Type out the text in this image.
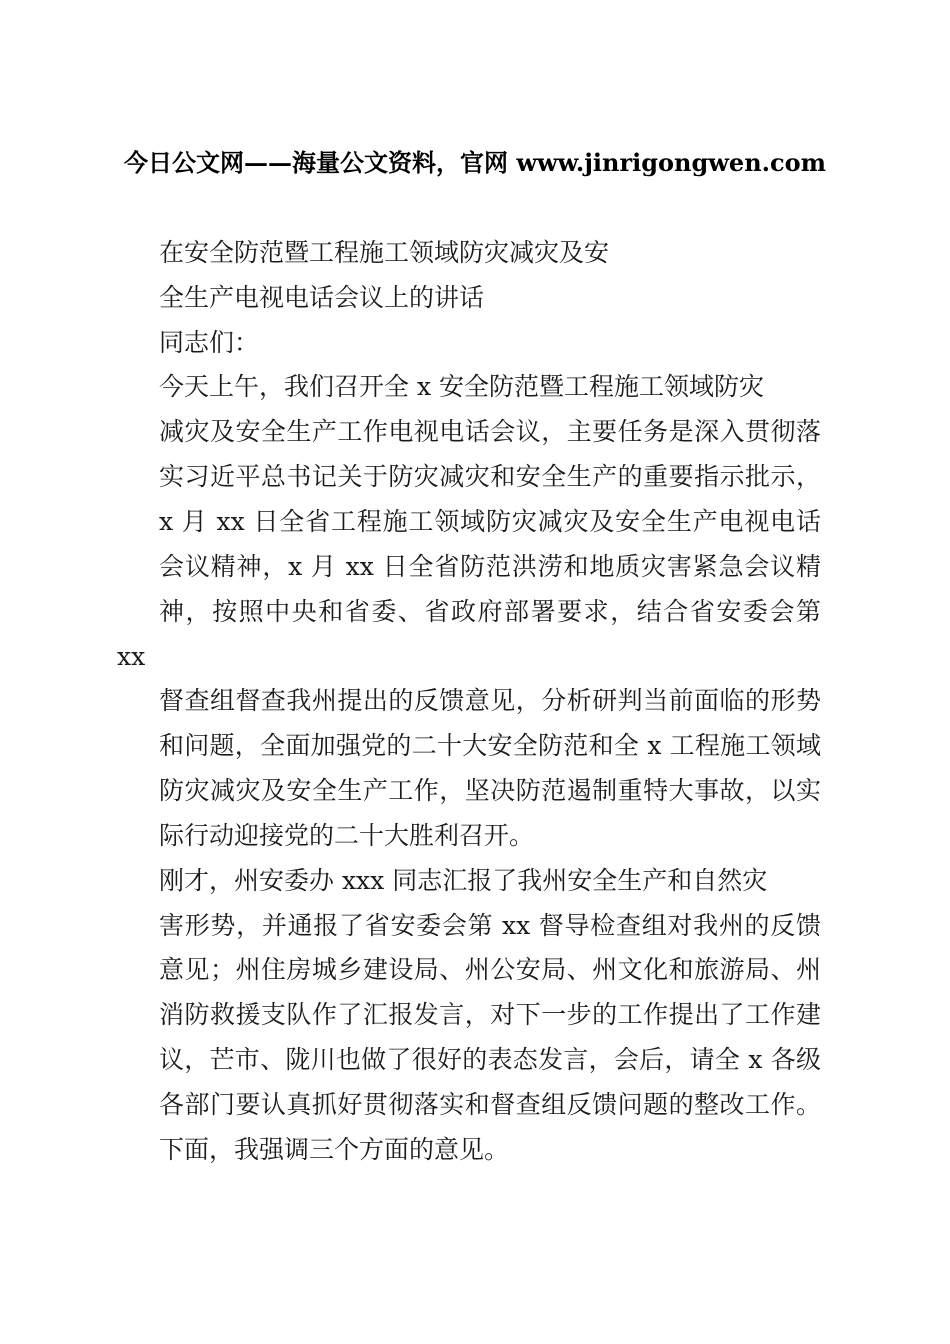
今日公文网——海量公文资料，官网 www.jinrigongwen.com
在安全防范暨工程施工领域防灾减灾及安
全生产电视电话会议上的讲话
同志们：
今天上午，我们召开全 x 安全防范暨工程施工领域防灾
减灾及安全生产工作电视电话会议，主要任务是深入贯彻落
实习近平总书记关于防灾减灾和安全生产的重要指示批示，
x 月 xx 日全省工程施工领域防灾减灾及安全生产电视电话
会议精神，x 月 xx 日全省防范洪涝和地质灾害紧急会议精
神，按照中央和省委、省政府部署要求，结合省安委会第
xx
督查组督查我州提出的反馈意见，分析研判当前面临的形势
和问题，全面加强党的二十大安全防范和全 x 工程施工领域
防灾减灾及安全生产工作，坚决防范遏制重特大事故，以实
际行动迎接党的二十大胜利召开。
刚才，州安委办 xxx 同志汇报了我州安全生产和自然灾
害形势，并通报了省安委会第 xx 督导检查组对我州的反馈
意见；州住房城乡建设局、州公安局、州文化和旅游局、州
消防救援支队作了汇报发言，对下一步的工作提出了工作建
议，芒市、陇川也做了很好的表态发言，会后，请全 x 各级
各部门要认真抓好贯彻落实和督查组反馈问题的整改工作。
下面，我强调三个方面的意见。
